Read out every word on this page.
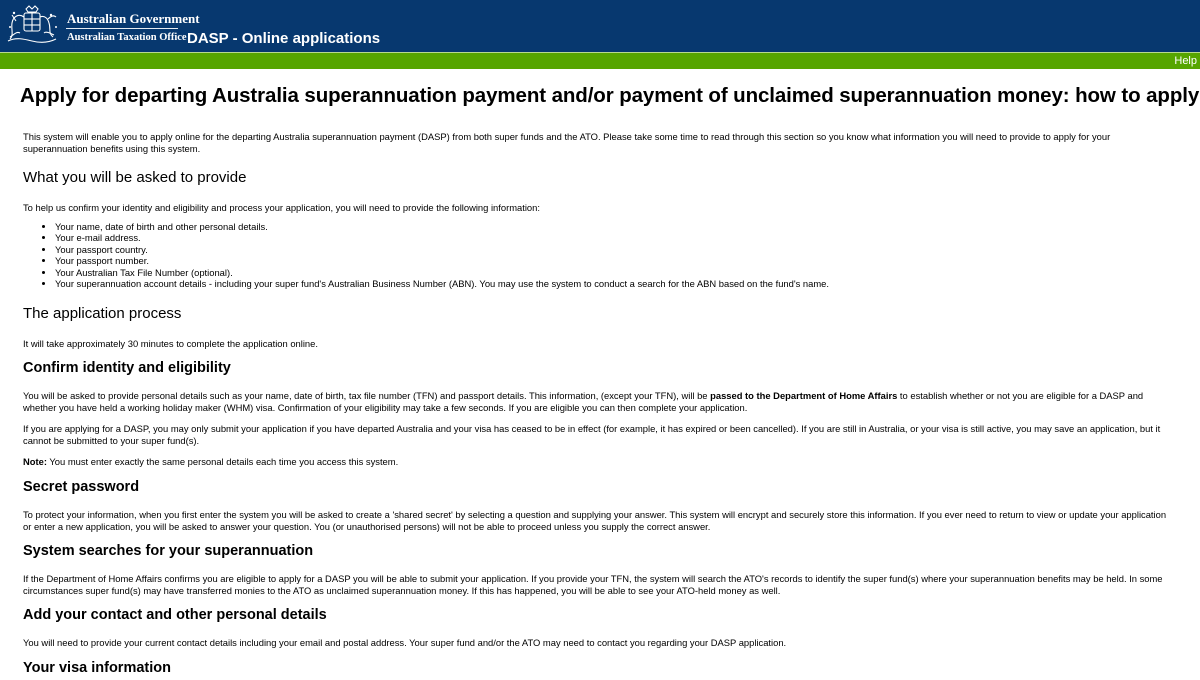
Australian Government
Australian Taxation Office DASP - Online applications
Help
Apply for departing Australia superannuation payment and/or payment of unclaimed superannuation money: how to apply

This system will enable you to apply online for the departing Australia superannuation payment (DASP) from both super funds and the ATO. Please take some time to read through this section so you know what information you will need to provide to apply for your superannuation benefits using this system.

What you will be asked to provide

To help us confirm your identity and eligibility and process your application, you will need to provide the following information:

• Your name, date of birth and other personal details.
• Your e-mail address.
• Your passport country.
• Your passport number.
• Your Australian Tax File Number (optional).
• Your superannuation account details - including your super fund's Australian Business Number (ABN). You may use the system to conduct a search for the ABN based on the fund's name.
The application process

It will take approximately 30 minutes to complete the application online.

Confirm identity and eligibility

You will be asked to provide personal details such as your name, date of birth, tax file number (TFN) and passport details. This information, (except your TFN), will be passed to the Department of Home Affairs to establish whether or not you are eligible for a DASP and whether you have held a working holiday maker (WHM) visa. Confirmation of your eligibility may take a few seconds. If you are eligible you can then complete your application.

If you are applying for a DASP, you may only submit your application if you have departed Australia and your visa has ceased to be in effect (for example, it has expired or been cancelled). If you are still in Australia, or your visa is still active, you may save an application, but it cannot be submitted to your super fund(s).

Note: You must enter exactly the same personal details each time you access this system.

Secret password

To protect your information, when you first enter the system you will be asked to create a 'shared secret' by selecting a question and supplying your answer. This system will encrypt and securely store this information. If you ever need to return to view or update your application or enter a new application, you will be asked to answer your question. You (or unauthorised persons) will not be able to proceed unless you supply the correct answer.

System searches for your superannuation

If the Department of Home Affairs confirms you are eligible to apply for a DASP you will be able to submit your application. If you provide your TFN, the system will search the ATO's records to identify the super fund(s) where your superannuation benefits may be held. In some circumstances super fund(s) may have transferred monies to the ATO as unclaimed superannuation money. If this has happened, you will be able to see your ATO-held money as well.

Add your contact and other personal details

You will need to provide your current contact details including your email and postal address. Your super fund and/or the ATO may need to contact you regarding your DASP application.

Your visa information
